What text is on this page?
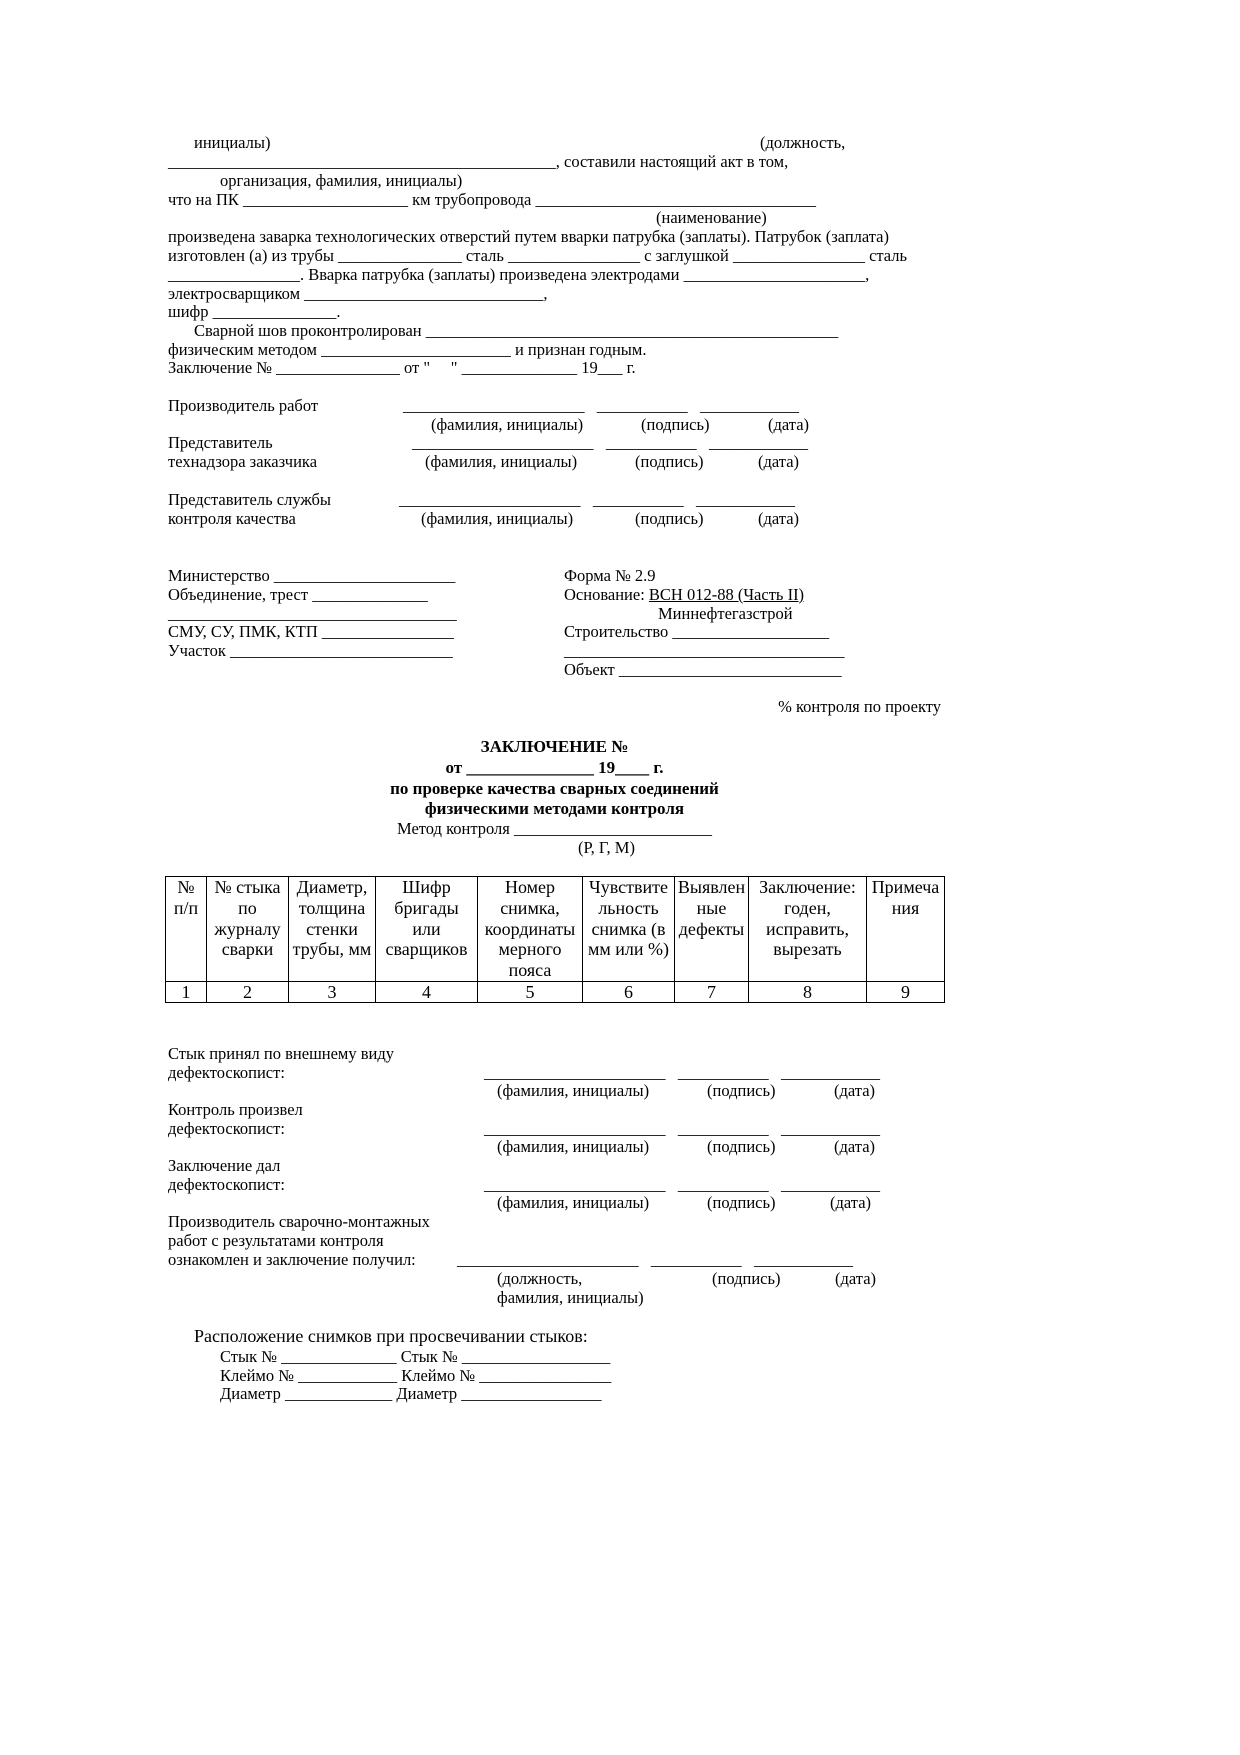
инициалы)	(должность,
_______________________________________________, составили настоящий акт в том,
организация, фамилия, инициалы)
что на ПК ____________________ км трубопровода __________________________________
(наименование)
произведена заварка технологических отверстий путем вварки патрубка (заплаты). Патрубок (заплата)
изготовлен (а) из трубы _______________ сталь ________________ с заглушкой ________________ сталь
________________. Вварка патрубка (заплаты) произведена электродами ______________________,
электросварщиком _____________________________,
шифр _______________.
Сварной шов проконтролирован __________________________________________________
физическим методом _______________________ и признан годным.
Заключение № _______________ от "     " ______________ 19___ г.
Производитель работ	______________________   ___________   ____________
(фамилия, инициалы)	(подпись)	(дата)
Представитель	______________________   ___________   ____________
технадзора заказчика	(фамилия, инициалы)	(подпись)	(дата)
Представитель службы	______________________   ___________   ____________
контроля качества	(фамилия, инициалы)	(подпись)	(дата)
Министерство ______________________
Объединение, трест ______________
___________________________________
СМУ, СУ, ПМК, КТП ________________
Участок ___________________________
Форма № 2.9
Основание: ВСН 012-88 (Часть II)
Миннефтегазстрой
Строительство ___________________
__________________________________
Объект ___________________________
% контроля по проекту
ЗАКЛЮЧЕНИЕ №
от _______________ 19____ г.
по проверке качества сварных соединений
физическими методами контроля
Метод контроля ________________________
(Р, Г, М)
№ п/п	№ стыка по журналу сварки	Диаметр, толщина стенки трубы, мм	Шифр бригады или сварщиков	Номер снимка, координаты мерного пояса	Чувствительность снимка (в мм или %)	Выявленные дефекты	Заключение: годен, исправить, вырезать	Примечания
1	2	3	4	5	6	7	8	9
Стык принял по внешнему виду
дефектоскопист:	______________________   ___________   ____________
(фамилия, инициалы)	(подпись)	(дата)
Контроль произвел
дефектоскопист:	______________________   ___________   ____________
(фамилия, инициалы)	(подпись)	(дата)
Заключение дал
дефектоскопист:	______________________   ___________   ____________
(фамилия, инициалы)	(подпись)	(дата)
Производитель сварочно-монтажных
работ с результатами контроля
ознакомлен и заключение получил: ______________________   ___________   ____________
(должность,	(подпись)	(дата)
фамилия, инициалы)
Расположение снимков при просвечивании стыков:
Стык № ______________ Стык № __________________
Клеймо № ____________ Клеймо № ________________
Диаметр _____________ Диаметр _________________
